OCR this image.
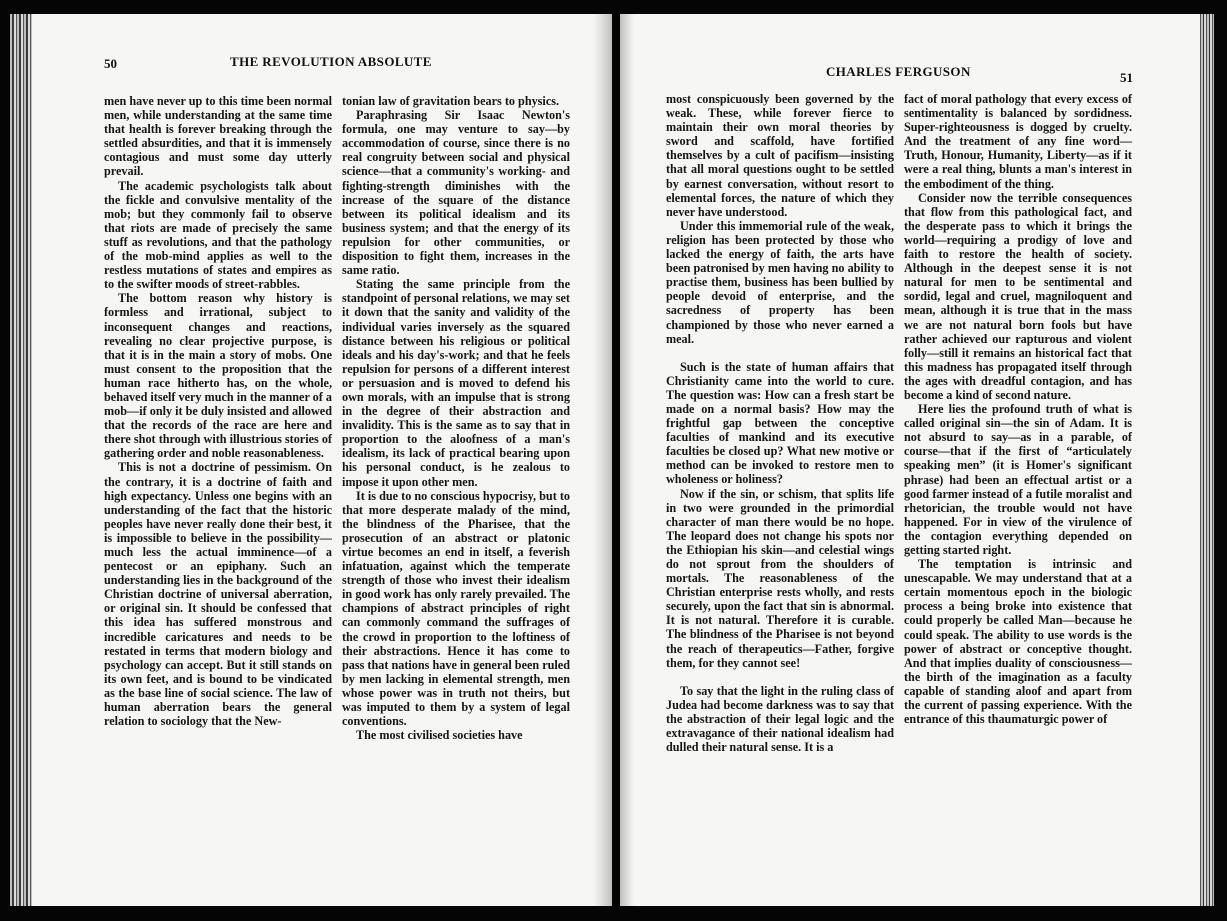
50	THE REVOLUTION ABSOLUTE

men have never up to this time been normal men, while understanding at the same time that health is forever breaking through the settled absurdities, and that it is immensely contagious and must some day utterly prevail.

The academic psychologists talk about the fickle and convulsive mentality of the mob; but they commonly fail to observe that riots are made of precisely the same stuff as revolutions, and that the pathology of the mob-mind applies as well to the restless mutations of states and empires as to the swifter moods of street-rabbles.

The bottom reason why history is formless and irrational, subject to inconsequent changes and reactions, revealing no clear projective purpose, is that it is in the main a story of mobs. One must consent to the proposition that the human race hitherto has, on the whole, behaved itself very much in the manner of a mob—if only it be duly insisted and allowed that the records of the race are here and there shot through with illustrious stories of gathering order and noble reasonableness.

This is not a doctrine of pessimism. On the contrary, it is a doctrine of faith and high expectancy. Unless one begins with an understanding of the fact that the historic peoples have never really done their best, it is impossible to believe in the possibility—much less the actual imminence—of a pentecost or an epiphany. Such an understanding lies in the background of the Christian doctrine of universal aberration, or original sin. It should be confessed that this idea has suffered monstrous and incredible caricatures and needs to be restated in terms that modern biology and psychology can accept. But it still stands on its own feet, and is bound to be vindicated as the base line of social science. The law of human aberration bears the general relation to sociology that the New-

tonian law of gravitation bears to physics.

Paraphrasing Sir Isaac Newton's formula, one may venture to say—by accommodation of course, since there is no real congruity between social and physical science—that a community's working- and fighting-strength diminishes with the increase of the square of the distance between its political idealism and its business system; and that the energy of its repulsion for other communities, or disposition to fight them, increases in the same ratio.

Stating the same principle from the standpoint of personal relations, we may set it down that the sanity and validity of the individual varies inversely as the squared distance between his religious or political ideals and his day's-work; and that he feels repulsion for persons of a different interest or persuasion and is moved to defend his own morals, with an impulse that is strong in the degree of their abstraction and invalidity. This is the same as to say that in proportion to the aloofness of a man's idealism, its lack of practical bearing upon his personal conduct, is he zealous to impose it upon other men.

It is due to no conscious hypocrisy, but to that more desperate malady of the mind, the blindness of the Pharisee, that the prosecution of an abstract or platonic virtue becomes an end in itself, a feverish infatuation, against which the temperate strength of those who invest their idealism in good work has only rarely prevailed. The champions of abstract principles of right can commonly command the suffrages of the crowd in proportion to the loftiness of their abstractions. Hence it has come to pass that nations have in general been ruled by men lacking in elemental strength, men whose power was in truth not theirs, but was imputed to them by a system of legal conventions.

The most civilised societies have

CHARLES FERGUSON	51

most conspicuously been governed by the weak. These, while forever fierce to maintain their own moral theories by sword and scaffold, have fortified themselves by a cult of pacifism—insisting that all moral questions ought to be settled by earnest conversation, without resort to elemental forces, the nature of which they never have understood.

Under this immemorial rule of the weak, religion has been protected by those who lacked the energy of faith, the arts have been patronised by men having no ability to practise them, business has been bullied by people devoid of enterprise, and the sacredness of property has been championed by those who never earned a meal.

Such is the state of human affairs that Christianity came into the world to cure. The question was: How can a fresh start be made on a normal basis? How may the frightful gap between the conceptive faculties of mankind and its executive faculties be closed up? What new motive or method can be invoked to restore men to wholeness or holiness?

Now if the sin, or schism, that splits life in two were grounded in the primordial character of man there would be no hope. The leopard does not change his spots nor the Ethiopian his skin—and celestial wings do not sprout from the shoulders of mortals. The reasonableness of the Christian enterprise rests wholly, and rests securely, upon the fact that sin is abnormal. It is not natural. Therefore it is curable. The blindness of the Pharisee is not beyond the reach of therapeutics—Father, forgive them, for they cannot see!

To say that the light in the ruling class of Judea had become darkness was to say that the abstraction of their legal logic and the extravagance of their national idealism had dulled their natural sense. It is a

fact of moral pathology that every excess of sentimentality is balanced by sordidness. Super-righteousness is dogged by cruelty. And the treatment of any fine word—Truth, Honour, Humanity, Liberty—as if it were a real thing, blunts a man's interest in the embodiment of the thing.

Consider now the terrible consequences that flow from this pathological fact, and the desperate pass to which it brings the world—requiring a prodigy of love and faith to restore the health of society. Although in the deepest sense it is not natural for men to be sentimental and sordid, legal and cruel, magniloquent and mean, although it is true that in the mass we are not natural born fools but have rather achieved our rapturous and violent folly—still it remains an historical fact that this madness has propagated itself through the ages with dreadful contagion, and has become a kind of second nature.

Here lies the profound truth of what is called original sin—the sin of Adam. It is not absurd to say—as in a parable, of course—that if the first of “articulately speaking men” (it is Homer's significant phrase) had been an effectual artist or a good farmer instead of a futile moralist and rhetorician, the trouble would not have happened. For in view of the virulence of the contagion everything depended on getting started right.

The temptation is intrinsic and unescapable. We may understand that at a certain momentous epoch in the biologic process a being broke into existence that could properly be called Man—because he could speak. The ability to use words is the power of abstract or conceptive thought. And that implies duality of consciousness—the birth of the imagination as a faculty capable of standing aloof and apart from the current of passing experience. With the entrance of this thaumaturgic power of
